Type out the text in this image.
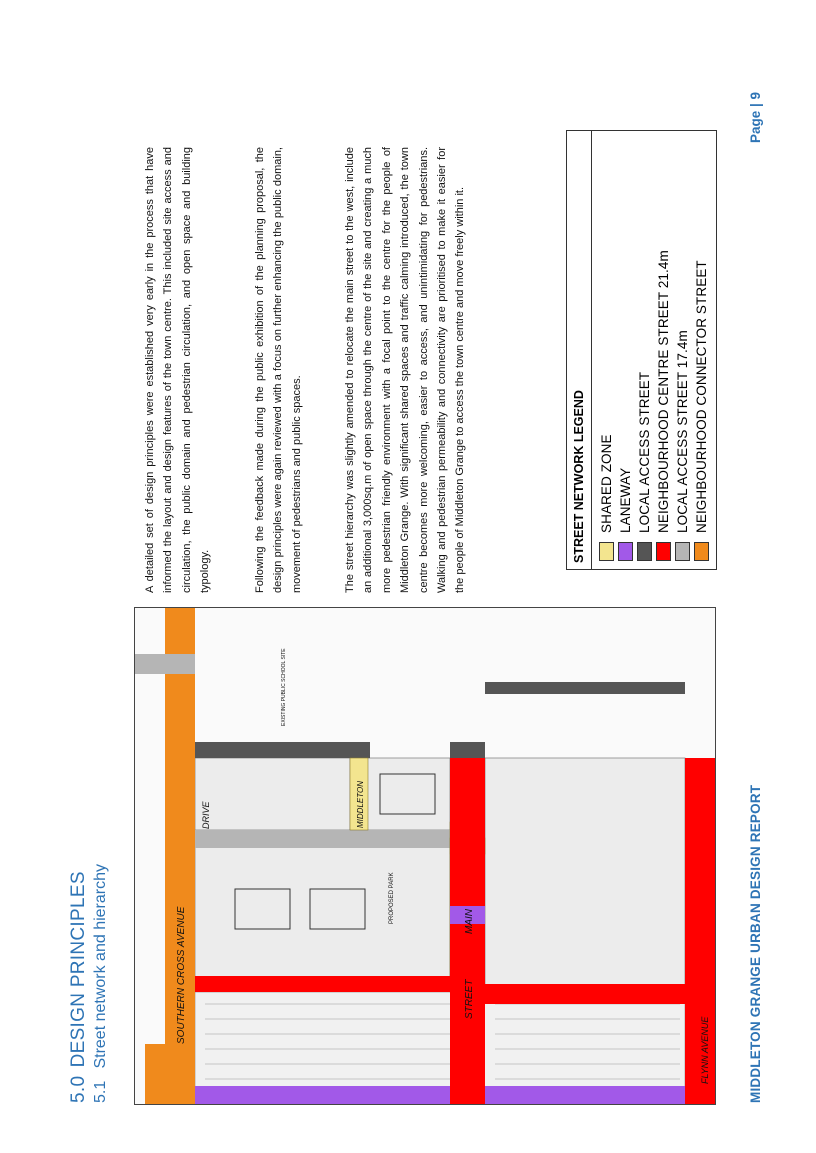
5.0 DESIGN PRINCIPLES
5.1 Street network and hierarchy	SOUTHERN CROSS AVENUE
FLYNN AVENUE
MAIN
STREET
DRIVE	MIDDLETON
PROPOSED PARK
EXISTING PUBLIC SCHOOL SITE

A detailed set of design principles were established very early in the process that have informed the layout and design features of the town centre. This included site access and circulation, the public domain and pedestrian circulation, and open space and building typology.	Following the feedback made during the public exhibition of the planning proposal, the design principles were again reviewed with a focus on further enhancing the public domain, movement of pedestrians and public spaces.	The street hierarchy was slightly amended to relocate the main street to the west, include an additional 3,000sq.m of open space through the centre of the site and creating a much more pedestrian friendly environment with a focal point to the centre for the people of Middleton Grange. With significant shared spaces and traffic calming introduced, the town centre becomes more welcoming, easier to access, and unintimidating for pedestrians. Walking and pedestrian permeability and connectivity are prioritised to make it easier for the people of Middleton Grange to access the town centre and move freely within it.	STREET NETWORK LEGEND SHARED ZONE LANEWAY LOCAL ACCESS STREET NEIGHBOURHOOD CENTRE STREET 21.4m LOCAL ACCESS STREET 17.4m NEIGHBOURHOOD CONNECTOR STREET
MIDDLETON GRANGE URBAN DESIGN REPORT
Page | 9
